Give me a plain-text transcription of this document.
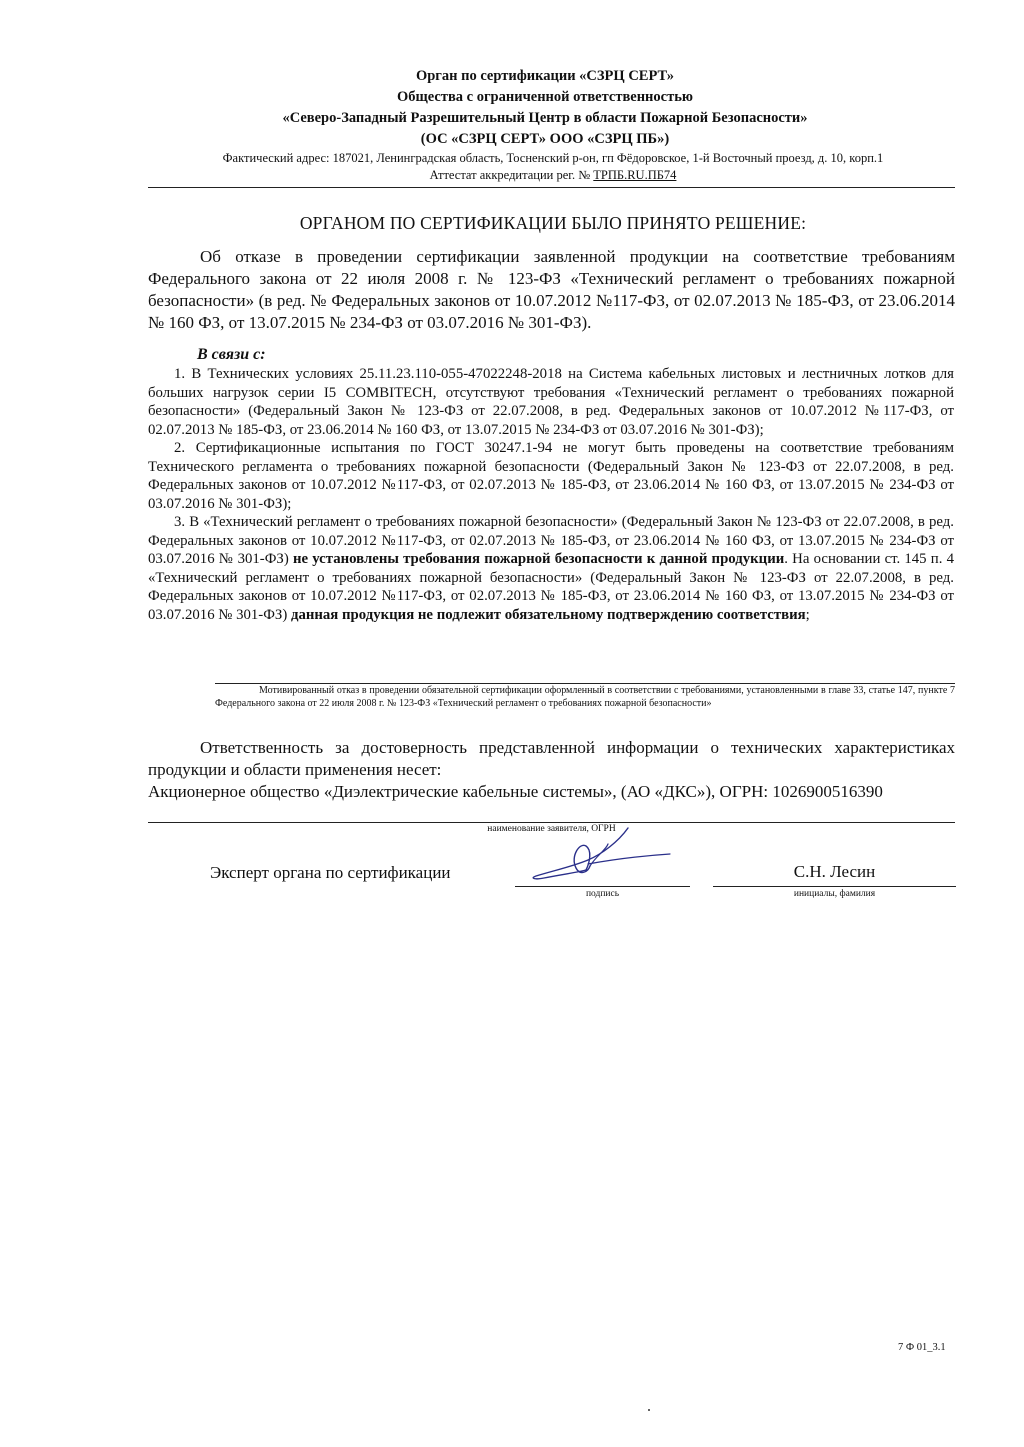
Орган по сертификации «СЗРЦ СЕРТ»
Общества с ограниченной ответственностью
«Северо-Западный Разрешительный Центр в области Пожарной Безопасности»
(ОС «СЗРЦ СЕРТ» ООО «СЗРЦ ПБ»)
Фактический адрес: 187021, Ленинградская область, Тосненский р-он, гп Фёдоровское, 1-й Восточный проезд, д. 10, корп.1
Аттестат аккредитации рег. № ТРПБ.RU.ПБ74
ОРГАНОМ ПО СЕРТИФИКАЦИИ БЫЛО ПРИНЯТО РЕШЕНИЕ:
Об отказе в проведении сертификации заявленной продукции на соответствие требованиям Федерального закона от 22 июля 2008 г. № 123-ФЗ «Технический регламент о требованиях пожарной безопасности» (в ред. № Федеральных законов от 10.07.2012 №117-ФЗ, от 02.07.2013 № 185-ФЗ, от 23.06.2014 № 160 ФЗ, от 13.07.2015 № 234-ФЗ от 03.07.2016 № 301-ФЗ).
В связи с:

1. В Технических условиях 25.11.23.110-055-47022248-2018 на Система кабельных листовых и лестничных лотков для больших нагрузок серии I5 COMBITECH, отсутствуют требования «Технический регламент о требованиях пожарной безопасности» (Федеральный Закон № 123-ФЗ от 22.07.2008, в ред. Федеральных законов от 10.07.2012 №117-ФЗ, от 02.07.2013 № 185-ФЗ, от 23.06.2014 № 160 ФЗ, от 13.07.2015 № 234-ФЗ от 03.07.2016 № 301-ФЗ);

2. Сертификационные испытания по ГОСТ 30247.1-94 не могут быть проведены на соответствие требованиям Технического регламента о требованиях пожарной безопасности (Федеральный Закон № 123-ФЗ от 22.07.2008, в ред. Федеральных законов от 10.07.2012 №117-ФЗ, от 02.07.2013 № 185-ФЗ, от 23.06.2014 № 160 ФЗ, от 13.07.2015 № 234-ФЗ от 03.07.2016 № 301-ФЗ);

3. В «Технический регламент о требованиях пожарной безопасности» (Федеральный Закон № 123-ФЗ от 22.07.2008, в ред. Федеральных законов от 10.07.2012 №117-ФЗ, от 02.07.2013 № 185-ФЗ, от 23.06.2014 № 160 ФЗ, от 13.07.2015 № 234-ФЗ от 03.07.2016 № 301-ФЗ) не установлены требования пожарной безопасности к данной продукции. На основании ст. 145 п. 4 «Технический регламент о требованиях пожарной безопасности» (Федеральный Закон № 123-ФЗ от 22.07.2008, в ред. Федеральных законов от 10.07.2012 №117-ФЗ, от 02.07.2013 № 185-ФЗ, от 23.06.2014 № 160 ФЗ, от 13.07.2015 № 234-ФЗ от 03.07.2016 № 301-ФЗ) данная продукция не подлежит обязательному подтверждению соответствия;

Мотивированный отказ в проведении обязательной сертификации оформленный в соответствии с требованиями, установленными в главе 33, статье 147, пункте 7 Федерального закона от 22 июля 2008 г. № 123-ФЗ «Технический регламент о требованиях пожарной безопасности»
Ответственность за достоверность представленной информации о технических характеристиках продукции и области применения несет:
Акционерное общество «Диэлектрические кабельные системы», (АО «ДКС»), ОГРН: 1026900516390
наименование заявителя, ОГРН
Эксперт органа по сертификации
подпись
С.Н. Лесин
инициалы, фамилия
7 Ф 01_3.1
